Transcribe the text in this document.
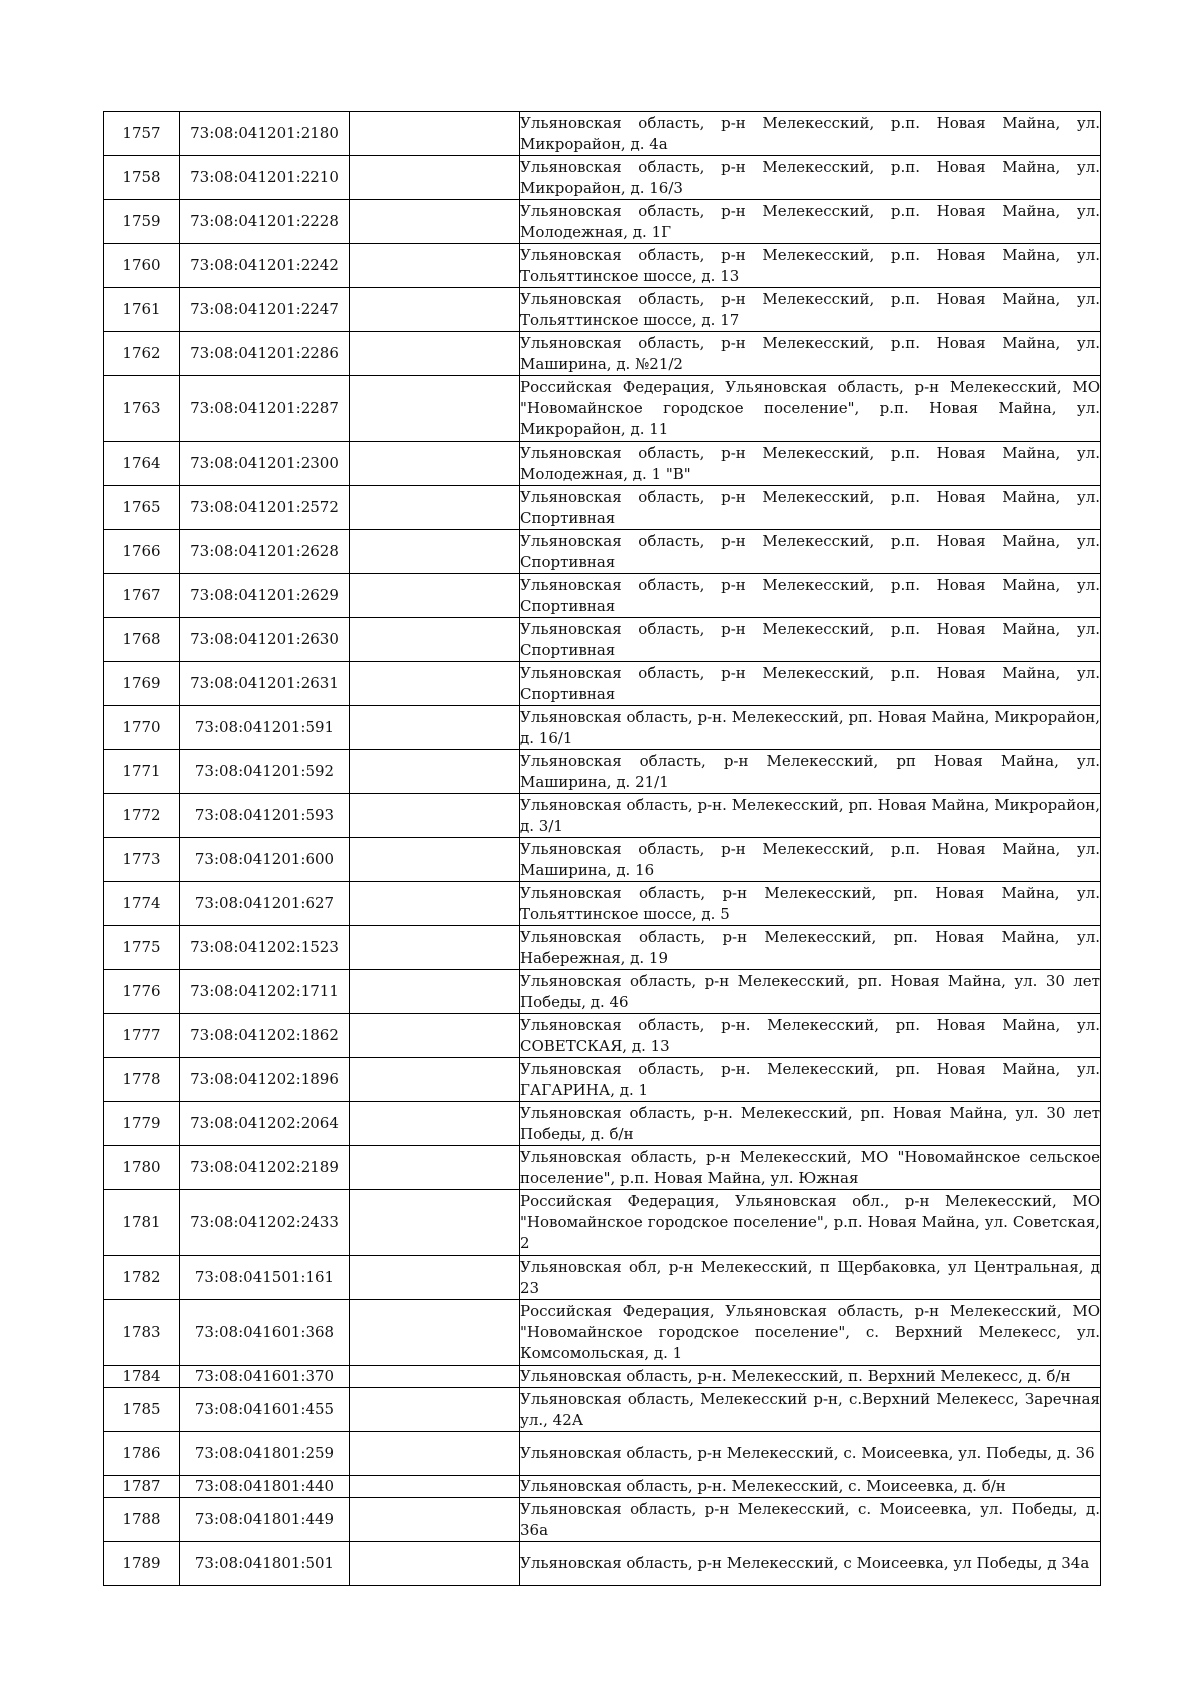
1757	73:08:041201:2180		Ульяновская область, р-н Мелекесский, р.п. Новая Майна, ул. Микрорайон, д. 4а
1758	73:08:041201:2210		Ульяновская область, р-н Мелекесский, р.п. Новая Майна, ул. Микрорайон, д. 16/3
1759	73:08:041201:2228		Ульяновская область, р-н Мелекесский, р.п. Новая Майна, ул. Молодежная, д. 1Г
1760	73:08:041201:2242		Ульяновская область, р-н Мелекесский, р.п. Новая Майна, ул. Тольяттинское шоссе, д. 13
1761	73:08:041201:2247		Ульяновская область, р-н Мелекесский, р.п. Новая Майна, ул. Тольяттинское шоссе, д. 17
1762	73:08:041201:2286		Ульяновская область, р-н Мелекесский, р.п. Новая Майна, ул. Маширина, д. №21/2
1763	73:08:041201:2287		Российская Федерация, Ульяновская область, р-н Мелекесский, МО "Новомайнское городское поселение", р.п. Новая Майна, ул. Микрорайон, д. 11
1764	73:08:041201:2300		Ульяновская область, р-н Мелекесский, р.п. Новая Майна, ул. Молодежная, д. 1 "В"
1765	73:08:041201:2572		Ульяновская область, р-н Мелекесский, р.п. Новая Майна, ул. Спортивная
1766	73:08:041201:2628		Ульяновская область, р-н Мелекесский, р.п. Новая Майна, ул. Спортивная
1767	73:08:041201:2629		Ульяновская область, р-н Мелекесский, р.п. Новая Майна, ул. Спортивная
1768	73:08:041201:2630		Ульяновская область, р-н Мелекесский, р.п. Новая Майна, ул. Спортивная
1769	73:08:041201:2631		Ульяновская область, р-н Мелекесский, р.п. Новая Майна, ул. Спортивная
1770	73:08:041201:591		Ульяновская область, р-н. Мелекесский, рп. Новая Майна, Микрорайон, д. 16/1
1771	73:08:041201:592		Ульяновская область, р-н Мелекесский, рп Новая Майна, ул. Маширина, д. 21/1
1772	73:08:041201:593		Ульяновская область, р-н. Мелекесский, рп. Новая Майна, Микрорайон, д. 3/1
1773	73:08:041201:600		Ульяновская область, р-н Мелекесский, р.п. Новая Майна, ул. Маширина, д. 16
1774	73:08:041201:627		Ульяновская область, р-н Мелекесский, рп. Новая Майна, ул. Тольяттинское шоссе, д. 5
1775	73:08:041202:1523		Ульяновская область, р-н Мелекесский, рп. Новая Майна, ул. Набережная, д. 19
1776	73:08:041202:1711		Ульяновская область, р-н Мелекесский, рп. Новая Майна, ул. 30 лет Победы, д. 46
1777	73:08:041202:1862		Ульяновская область, р-н. Мелекесский, рп. Новая Майна, ул. СОВЕТСКАЯ, д. 13
1778	73:08:041202:1896		Ульяновская область, р-н. Мелекесский, рп. Новая Майна, ул. ГАГАРИНА, д. 1
1779	73:08:041202:2064		Ульяновская область, р-н. Мелекесский, рп. Новая Майна, ул. 30 лет Победы, д. б/н
1780	73:08:041202:2189		Ульяновская область, р-н Мелекесский, МО "Новомайнское сельское поселение", р.п. Новая Майна, ул. Южная
1781	73:08:041202:2433		Российская Федерация, Ульяновская обл., р-н Мелекесский, МО "Новомайнское городское поселение", р.п. Новая Майна, ул. Советская, 2
1782	73:08:041501:161		Ульяновская обл, р-н Мелекесский, п Щербаковка, ул Центральная, д 23
1783	73:08:041601:368		Российская Федерация, Ульяновская область, р-н Мелекесский, МО "Новомайнское городское поселение", с. Верхний Мелекесс, ул. Комсомольская, д. 1
1784	73:08:041601:370		Ульяновская область, р-н. Мелекесский, п. Верхний Мелекесс, д. б/н
1785	73:08:041601:455		Ульяновская область, Мелекесский р-н, с.Верхний Мелекесс, Заречная ул., 42А
1786	73:08:041801:259		Ульяновская область, р-н Мелекесский, с. Моисеевка, ул. Победы, д. 36
1787	73:08:041801:440		Ульяновская область, р-н. Мелекесский, с. Моисеевка, д. б/н
1788	73:08:041801:449		Ульяновская область, р-н Мелекесский, с. Моисеевка, ул. Победы, д. 36а
1789	73:08:041801:501		Ульяновская область, р-н Мелекесский, с Моисеевка, ул Победы, д 34а
